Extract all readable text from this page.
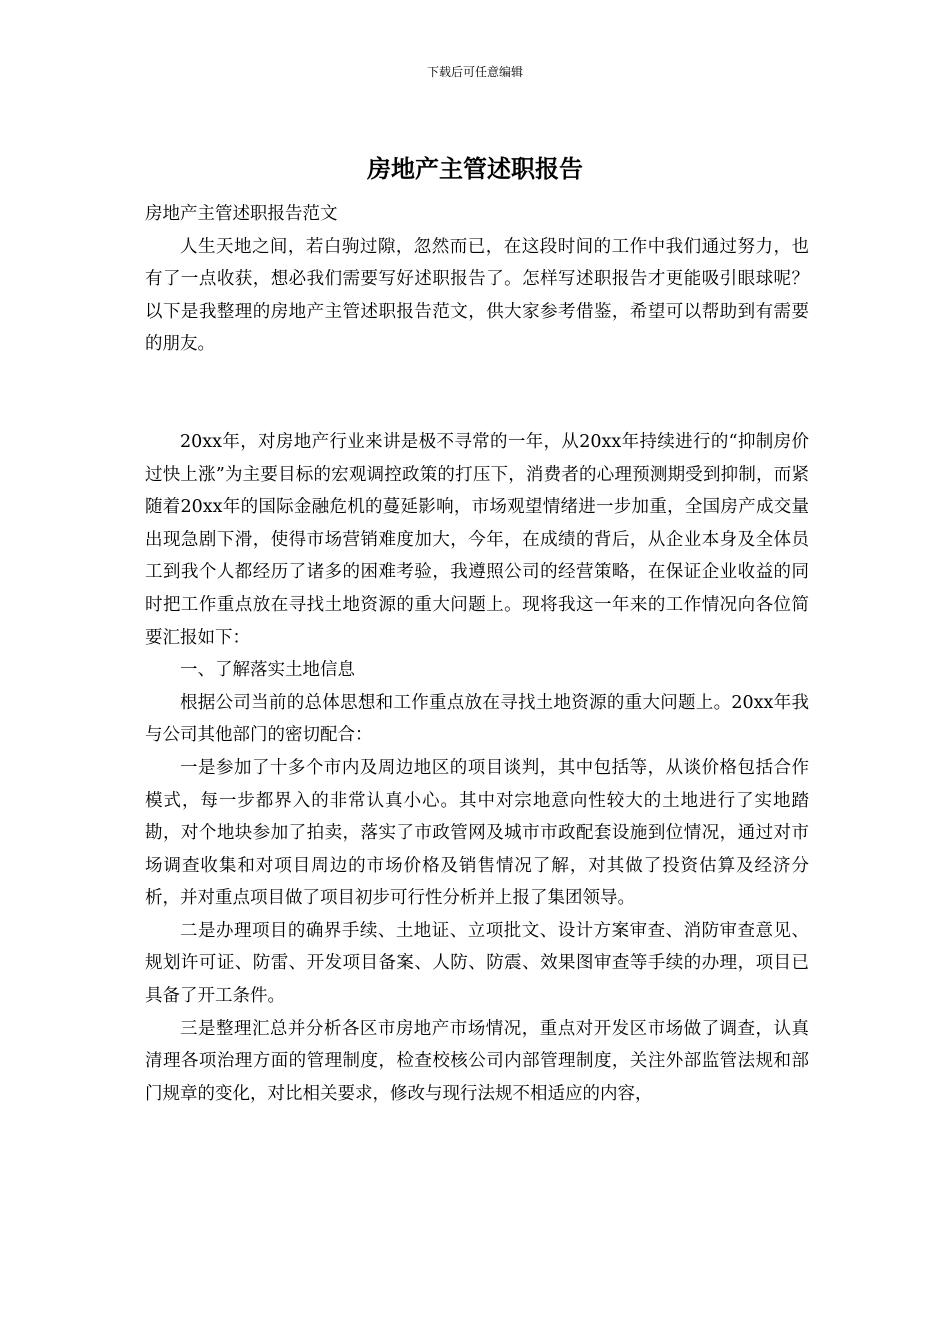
下载后可任意编辑
房地产主管述职报告

房地产主管述职报告范文

人生天地之间，若白驹过隙，忽然而已，在这段时间的工作中我们通过努力，也有了一点收获，想必我们需要写好述职报告了。怎样写述职报告才更能吸引眼球呢？以下是我整理的房地产主管述职报告范文，供大家参考借鉴，希望可以帮助到有需要的朋友。

20xx年，对房地产行业来讲是极不寻常的一年，从20xx年持续进行的“抑制房价过快上涨”为主要目标的宏观调控政策的打压下，消费者的心理预测期受到抑制，而紧随着20xx年的国际金融危机的蔓延影响，市场观望情绪进一步加重，全国房产成交量出现急剧下滑，使得市场营销难度加大，今年，在成绩的背后，从企业本身及全体员工到我个人都经历了诸多的困难考验，我遵照公司的经营策略，在保证企业收益的同时把工作重点放在寻找土地资源的重大问题上。现将我这一年来的工作情况向各位简要汇报如下：

一、了解落实土地信息

根据公司当前的总体思想和工作重点放在寻找土地资源的重大问题上。20xx年我与公司其他部门的密切配合：

一是参加了十多个市内及周边地区的项目谈判，其中包括等，从谈价格包括合作模式，每一步都界入的非常认真小心。其中对宗地意向性较大的土地进行了实地踏勘，对个地块参加了拍卖，落实了市政管网及城市市政配套设施到位情况，通过对市场调查收集和对项目周边的市场价格及销售情况了解，对其做了投资估算及经济分析，并对重点项目做了项目初步可行性分析并上报了集团领导。

二是办理项目的确界手续、土地证、立项批文、设计方案审查、消防审查意见、规划许可证、防雷、开发项目备案、人防、防震、效果图审查等手续的办理，项目已具备了开工条件。

三是整理汇总并分析各区市房地产市场情况，重点对开发区市场做了调查，认真清理各项治理方面的管理制度，检查校核公司内部管理制度，关注外部监管法规和部门规章的变化，对比相关要求，修改与现行法规不相适应的内容，
